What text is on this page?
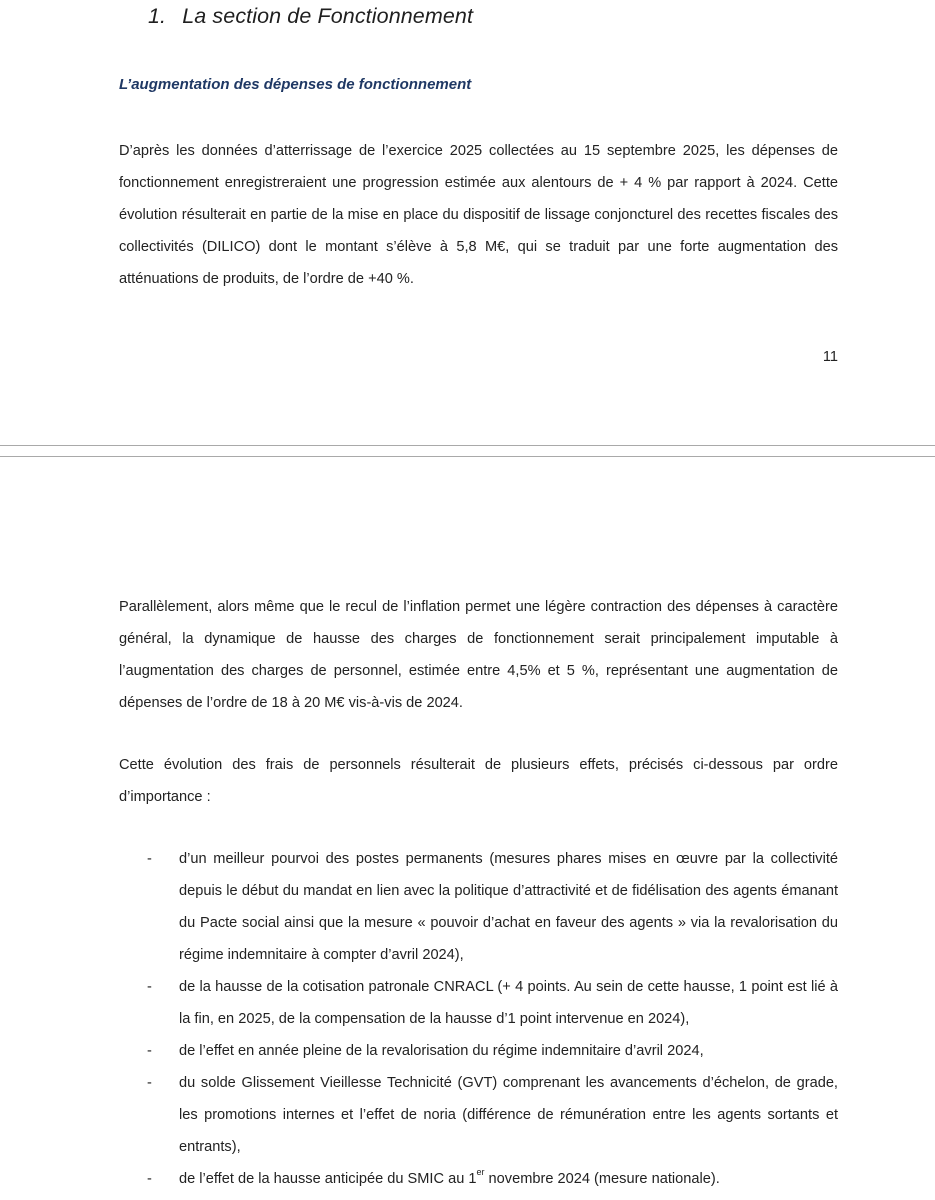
1. La section de Fonctionnement
L’augmentation des dépenses de fonctionnement
D’après les données d’atterrissage de l’exercice 2025 collectées au 15 septembre 2025, les dépenses de fonctionnement enregistreraient une progression estimée aux alentours de + 4 % par rapport à 2024. Cette évolution résulterait en partie de la mise en place du dispositif de lissage conjoncturel des recettes fiscales des collectivités (DILICO) dont le montant s’élève à 5,8 M€, qui se traduit par une forte augmentation des atténuations de produits, de l’ordre de +40 %.
11
Parallèlement, alors même que le recul de l’inflation permet une légère contraction des dépenses à caractère général, la dynamique de hausse des charges de fonctionnement serait principalement imputable à l’augmentation des charges de personnel, estimée entre 4,5% et 5 %, représentant une augmentation de dépenses de l’ordre de 18 à 20 M€ vis-à-vis de 2024.
Cette évolution des frais de personnels résulterait de plusieurs effets, précisés ci-dessous par ordre d’importance :
- d’un meilleur pourvoi des postes permanents (mesures phares mises en œuvre par la collectivité depuis le début du mandat en lien avec la politique d’attractivité et de fidélisation des agents émanant du Pacte social ainsi que la mesure « pouvoir d’achat en faveur des agents » via la revalorisation du régime indemnitaire à compter d’avril 2024),
- de la hausse de la cotisation patronale CNRACL (+ 4 points. Au sein de cette hausse, 1 point est lié à la fin, en 2025, de la compensation de la hausse d’1 point intervenue en 2024),
- de l’effet en année pleine de la revalorisation du régime indemnitaire d’avril 2024,
- du solde Glissement Vieillesse Technicité (GVT) comprenant les avancements d’échelon, de grade, les promotions internes et l’effet de noria (différence de rémunération entre les agents sortants et entrants),
- de l’effet de la hausse anticipée du SMIC au 1er novembre 2024 (mesure nationale).
